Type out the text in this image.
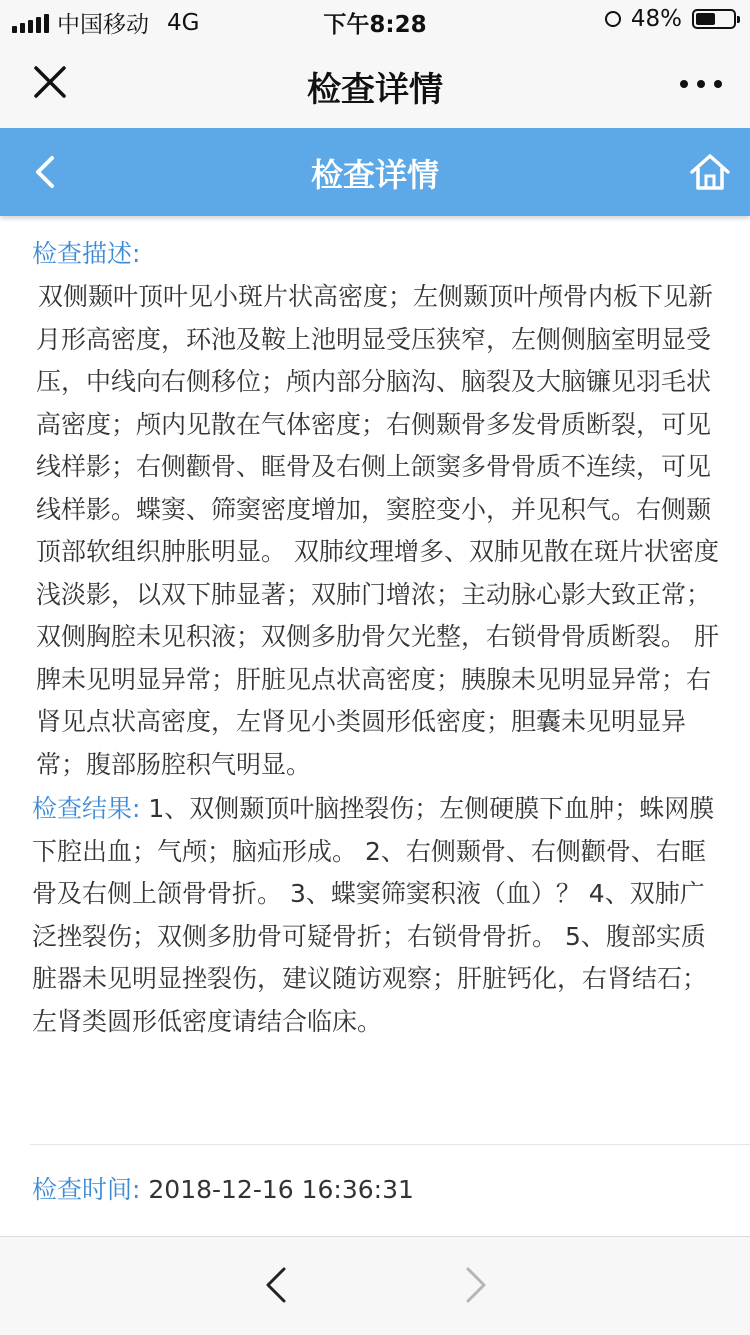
中国移动 4G	下午8:28	48%
检查详情
检查详情
检查描述:
双侧颞叶顶叶见小斑片状高密度；左侧颞顶叶颅骨内板下见新月形高密度，环池及鞍上池明显受压狭窄，左侧侧脑室明显受压，中线向右侧移位；颅内部分脑沟、脑裂及大脑镰见羽毛状高密度；颅内见散在气体密度；右侧颞骨多发骨质断裂，可见线样影；右侧颧骨、眶骨及右侧上颌窦多骨骨质不连续，可见线样影。蝶窦、筛窦密度增加，窦腔变小，并见积气。右侧颞顶部软组织肿胀明显。 双肺纹理增多、双肺见散在斑片状密度浅淡影，以双下肺显著；双肺门增浓；主动脉心影大致正常；双侧胸腔未见积液；双侧多肋骨欠光整，右锁骨骨质断裂。 肝脾未见明显异常；肝脏见点状高密度；胰腺未见明显异常；右肾见点状高密度，左肾见小类圆形低密度；胆囊未见明显异常；腹部肠腔积气明显。
检查结果: 1、双侧颞顶叶脑挫裂伤；左侧硬膜下血肿；蛛网膜下腔出血；气颅；脑疝形成。 2、右侧颞骨、右侧颧骨、右眶骨及右侧上颌骨骨折。 3、蝶窦筛窦积液（血）？ 4、双肺广泛挫裂伤；双侧多肋骨可疑骨折；右锁骨骨折。 5、腹部实质脏器未见明显挫裂伤，建议随访观察；肝脏钙化，右肾结石；左肾类圆形低密度请结合临床。
检查时间: 2018-12-16 16:36:31
